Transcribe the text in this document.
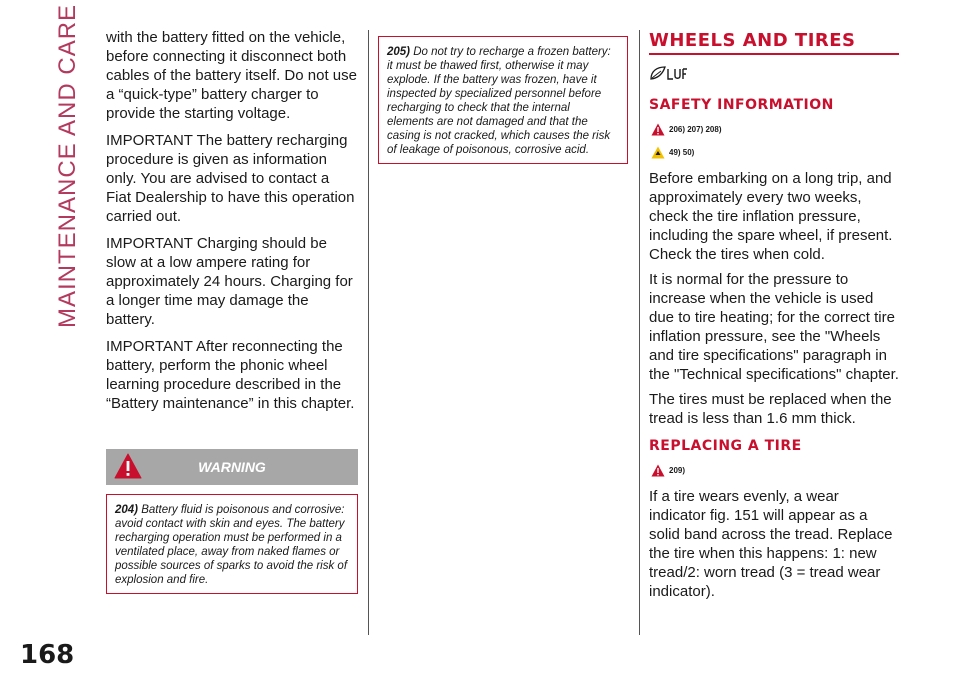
MAINTENANCE AND CARE
168

with the battery fitted on the vehicle, before connecting it disconnect both cables of the battery itself. Do not use a “quick-type” battery charger to provide the starting voltage.

IMPORTANT The battery recharging procedure is given as information only. You are advised to contact a Fiat Dealership to have this operation carried out.

IMPORTANT Charging should be slow at a low ampere rating for approximately 24 hours. Charging for a longer time may damage the battery.

IMPORTANT After reconnecting the battery, perform the phonic wheel learning procedure described in the “Battery maintenance” in this chapter.

WARNING
204) Battery fluid is poisonous and corrosive: avoid contact with skin and eyes. The battery recharging operation must be performed in a ventilated place, away from naked flames or possible sources of sparks to avoid the risk of explosion and fire.
205) Do not try to recharge a frozen battery: it must be thawed first, otherwise it may explode. If the battery was frozen, have it inspected by specialized personnel before recharging to check that the internal elements are not damaged and that the casing is not cracked, which causes the risk of leakage of poisonous, corrosive acid.
WHEELS AND TIRES
SAFETY INFORMATION
206) 207) 208)
49) 50)

Before embarking on a long trip, and approximately every two weeks, check the tire inflation pressure, including the spare wheel, if present. Check the tires when cold.

It is normal for the pressure to increase when the vehicle is used due to tire heating; for the correct tire inflation pressure, see the "Wheels and tire specifications" paragraph in the "Technical specifications" chapter.

The tires must be replaced when the tread is less than 1.6 mm thick.

REPLACING A TIRE
209)

If a tire wears evenly, a wear indicator fig. 151 will appear as a solid band across the tread. Replace the tire when this happens: 1: new tread/2: worn tread (3 = tread wear indicator).
